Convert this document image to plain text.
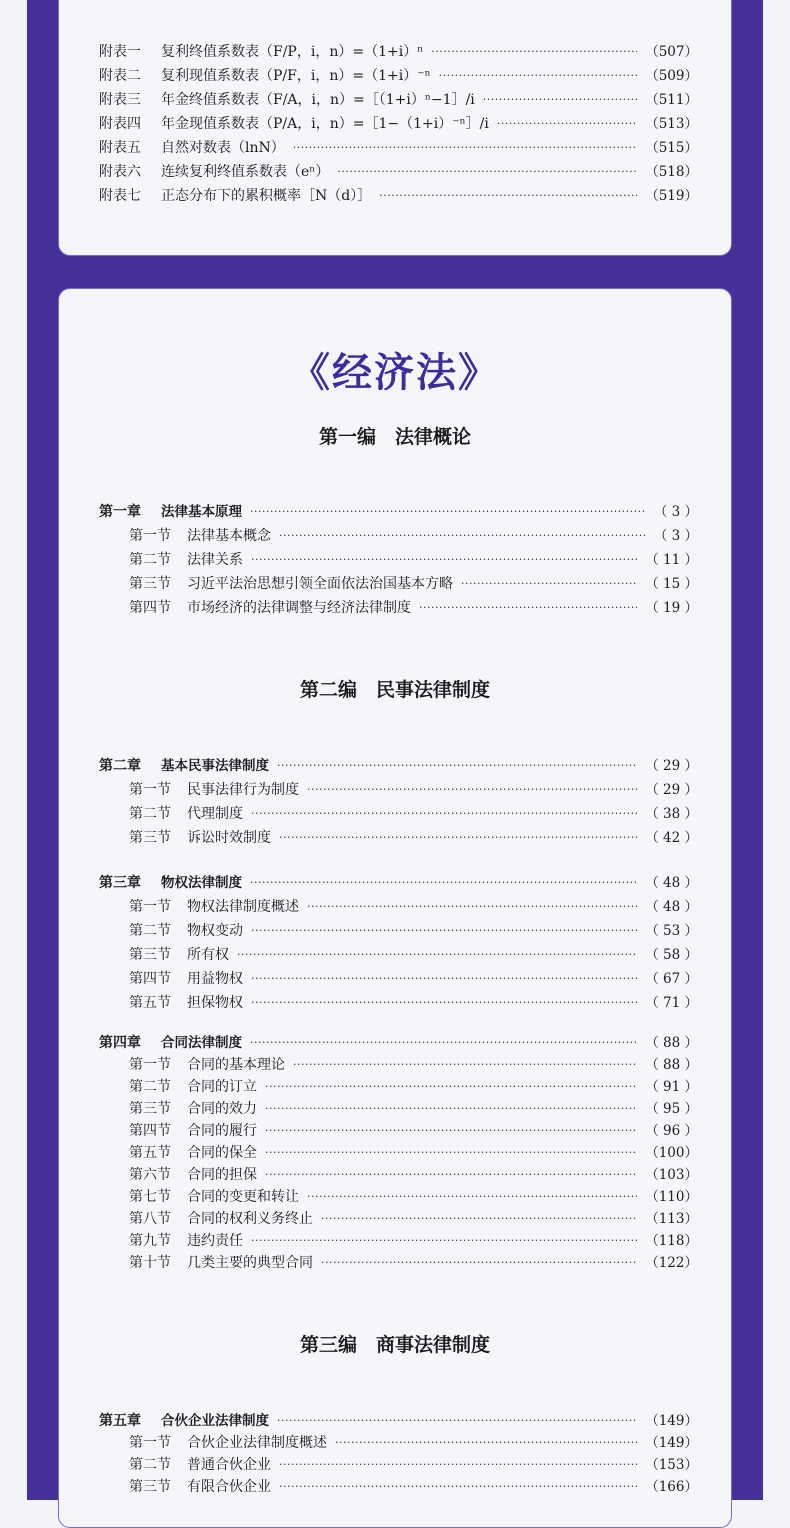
附表一	复利终值系数表（F/P，i，n）=（1+i）ⁿ ·····	（507）
附表二	复利现值系数表（P/F，i，n）=（1+i）⁻ⁿ ·····	（509）
附表三	年金终值系数表（F/A，i，n）=［（1+i）ⁿ−1］/i ·····	（511）
附表四	年金现值系数表（P/A，i，n）=［1−（1+i）⁻ⁿ］/i ·····	（513）
附表五	自然对数表（lnN） ·····	（515）
附表六	连续复利终值系数表（eⁿ） ·····	（518）
附表七	正态分布下的累积概率［N（d）］ ·····	（519）
《经济法》
第一编　法律概论
第一章	法律基本原理 ·····	（ 3 ）
第一节 法律基本概念 ·····	（ 3 ）
第二节 法律关系 ·····	（ 11 ）
第三节 习近平法治思想引领全面依法治国基本方略 ·····	（ 15 ）
第四节 市场经济的法律调整与经济法律制度 ·····	（ 19 ）
第二编　民事法律制度
第二章	基本民事法律制度 ·····	（ 29 ）
第一节 民事法律行为制度 ·····	（ 29 ）
第二节 代理制度 ·····	（ 38 ）
第三节 诉讼时效制度 ·····	（ 42 ）
第三章	物权法律制度 ·····	（ 48 ）
第一节 物权法律制度概述 ·····	（ 48 ）
第二节 物权变动 ·····	（ 53 ）
第三节 所有权 ·····	（ 58 ）
第四节 用益物权 ·····	（ 67 ）
第五节 担保物权 ·····	（ 71 ）
第四章	合同法律制度 ·····	（ 88 ）
第一节 合同的基本理论 ·····	（ 88 ）
第二节 合同的订立 ·····	（ 91 ）
第三节 合同的效力 ·····	（ 95 ）
第四节 合同的履行 ·····	（ 96 ）
第五节 合同的保全 ·····	（100）
第六节 合同的担保 ·····	（103）
第七节 合同的变更和转让 ·····	（110）
第八节 合同的权利义务终止 ·····	（113）
第九节 违约责任 ·····	（118）
第十节 几类主要的典型合同 ·····	（122）
第三编　商事法律制度
第五章	合伙企业法律制度 ·····	（149）
第一节 合伙企业法律制度概述 ·····	（149）
第二节 普通合伙企业 ·····	（153）
第三节 有限合伙企业 ·····	（166）
